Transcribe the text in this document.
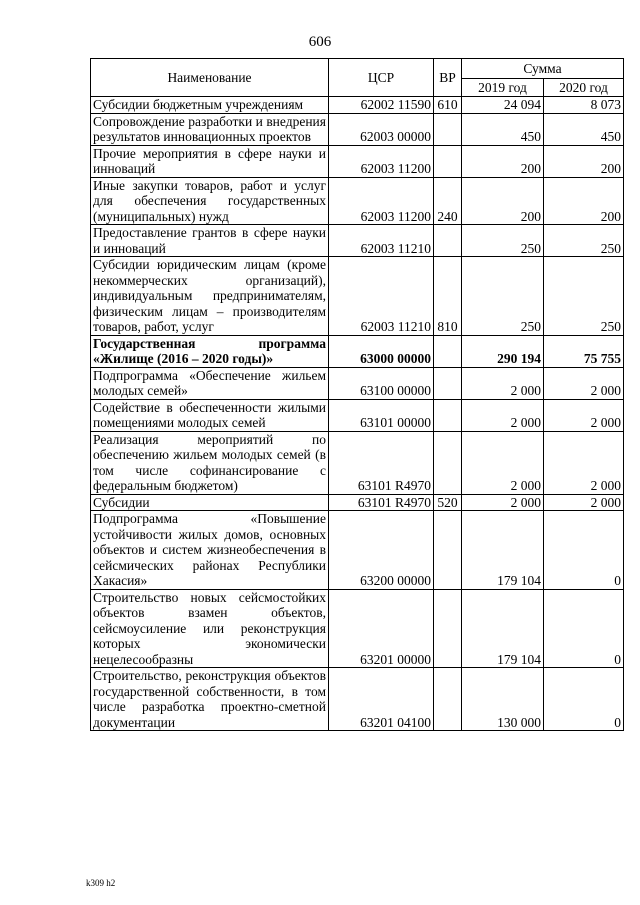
606
Наименование	ЦСР	ВР	Сумма	
			2019 год	2020 год
Субсидии бюджетным учреждениям	62002 11590	610	24 094	8 073
Сопровождение разработки и внедрения результатов инновационных проектов	62003 00000		450	450
Прочие мероприятия в сфере науки и инноваций	62003 11200		200	200
Иные закупки товаров, работ и услуг для обеспечения государственных (муниципальных) нужд	62003 11200	240	200	200
Предоставление грантов в сфере науки и инноваций	62003 11210		250	250
Субсидии юридическим лицам (кроме некоммерческих организаций), индивидуальным предпринимателям, физическим лицам – производителям товаров, работ, услуг	62003 11210	810	250	250
Государственная программа «Жилище (2016 – 2020 годы)»	63000 00000		290 194	75 755
Подпрограмма «Обеспечение жильем молодых семей»	63100 00000		2 000	2 000
Содействие в обеспеченности жилыми помещениями молодых семей	63101 00000		2 000	2 000
Реализация мероприятий по обеспечению жильем молодых семей (в том числе софинансирование с федеральным бюджетом)	63101 R4970		2 000	2 000
Субсидии	63101 R4970	520	2 000	2 000
Подпрограмма «Повышение устойчивости жилых домов, основных объектов и систем жизнеобеспечения в сейсмических районах Республики Хакасия»	63200 00000		179 104	0
Строительство новых сейсмостойких объектов взамен объектов, сейсмоусиление или реконструкция которых экономически нецелесообразны	63201 00000		179 104	0
Строительство, реконструкция объектов государственной собственности, в том числе разработка проектно-сметной документации	63201 04100		130 000	0
k309 h2
